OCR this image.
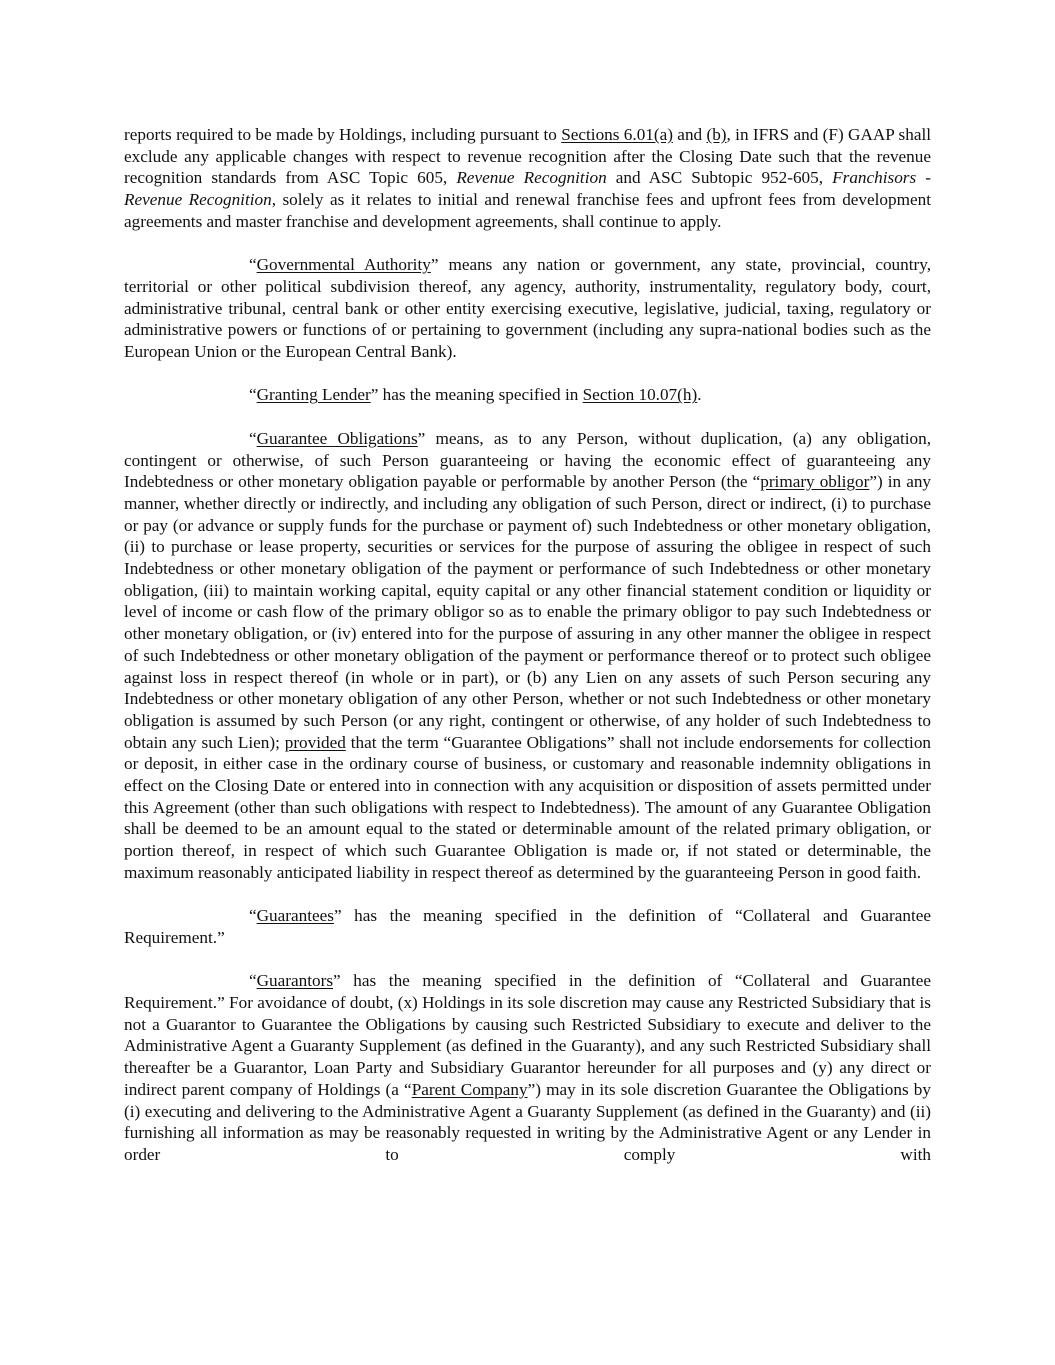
reports required to be made by Holdings, including pursuant to Sections 6.01(a) and (b), in IFRS and (F) GAAP shall exclude any applicable changes with respect to revenue recognition after the Closing Date such that the revenue recognition standards from ASC Topic 605, Revenue Recognition and ASC Subtopic 952-605, Franchisors - Revenue Recognition, solely as it relates to initial and renewal franchise fees and upfront fees from development agreements and master franchise and development agreements, shall continue to apply.

“Governmental Authority” means any nation or government, any state, provincial, country, territorial or other political subdivision thereof, any agency, authority, instrumentality, regulatory body, court, administrative tribunal, central bank or other entity exercising executive, legislative, judicial, taxing, regulatory or administrative powers or functions of or pertaining to government (including any supra-national bodies such as the European Union or the European Central Bank).

“Granting Lender” has the meaning specified in Section 10.07(h).

“Guarantee Obligations” means, as to any Person, without duplication, (a) any obligation, contingent or otherwise, of such Person guaranteeing or having the economic effect of guaranteeing any Indebtedness or other monetary obligation payable or performable by another Person (the “primary obligor”) in any manner, whether directly or indirectly, and including any obligation of such Person, direct or indirect, (i) to purchase or pay (or advance or supply funds for the purchase or payment of) such Indebtedness or other monetary obligation, (ii) to purchase or lease property, securities or services for the purpose of assuring the obligee in respect of such Indebtedness or other monetary obligation of the payment or performance of such Indebtedness or other monetary obligation, (iii) to maintain working capital, equity capital or any other financial statement condition or liquidity or level of income or cash flow of the primary obligor so as to enable the primary obligor to pay such Indebtedness or other monetary obligation, or (iv) entered into for the purpose of assuring in any other manner the obligee in respect of such Indebtedness or other monetary obligation of the payment or performance thereof or to protect such obligee against loss in respect thereof (in whole or in part), or (b) any Lien on any assets of such Person securing any Indebtedness or other monetary obligation of any other Person, whether or not such Indebtedness or other monetary obligation is assumed by such Person (or any right, contingent or otherwise, of any holder of such Indebtedness to obtain any such Lien); provided that the term “Guarantee Obligations” shall not include endorsements for collection or deposit, in either case in the ordinary course of business, or customary and reasonable indemnity obligations in effect on the Closing Date or entered into in connection with any acquisition or disposition of assets permitted under this Agreement (other than such obligations with respect to Indebtedness). The amount of any Guarantee Obligation shall be deemed to be an amount equal to the stated or determinable amount of the related primary obligation, or portion thereof, in respect of which such Guarantee Obligation is made or, if not stated or determinable, the maximum reasonably anticipated liability in respect thereof as determined by the guaranteeing Person in good faith.

“Guarantees” has the meaning specified in the definition of “Collateral and Guarantee Requirement.”

“Guarantors” has the meaning specified in the definition of “Collateral and Guarantee Requirement.” For avoidance of doubt, (x) Holdings in its sole discretion may cause any Restricted Subsidiary that is not a Guarantor to Guarantee the Obligations by causing such Restricted Subsidiary to execute and deliver to the Administrative Agent a Guaranty Supplement (as defined in the Guaranty), and any such Restricted Subsidiary shall thereafter be a Guarantor, Loan Party and Subsidiary Guarantor hereunder for all purposes and (y) any direct or indirect parent company of Holdings (a “Parent Company”) may in its sole discretion Guarantee the Obligations by (i) executing and delivering to the Administrative Agent a Guaranty Supplement (as defined in the Guaranty) and (ii) furnishing all information as may be reasonably requested in writing by the Administrative Agent or any Lender in order to comply with
